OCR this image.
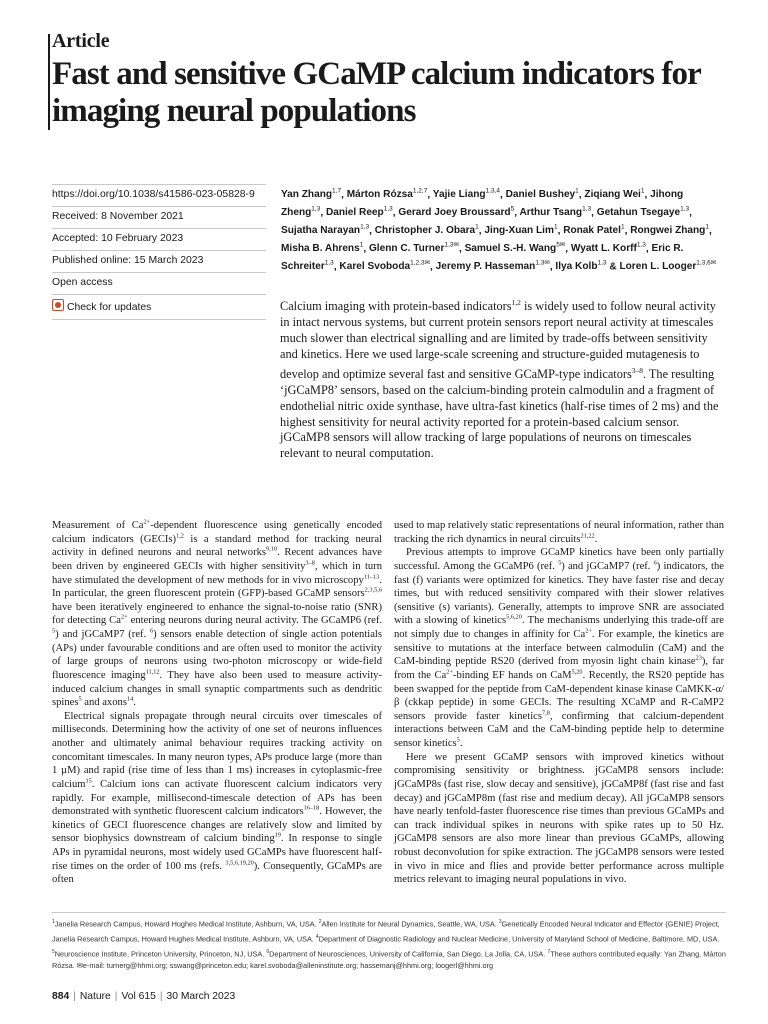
Article
Fast and sensitive GCaMP calcium indicators for imaging neural populations
https://doi.org/10.1038/s41586-023-05828-9
Received: 8 November 2021
Accepted: 10 February 2023
Published online: 15 March 2023
Open access
Check for updates
Yan Zhang$^{1,7}$, Márton Rózsa$^{1,2,7}$, Yajie Liang$^{1,3,4}$, Daniel Bushey$^1$, Ziqiang Wei$^1$, Jihong Zheng$^{1,3}$, Daniel Reep$^{1,3}$, Gerard Joey Broussard$^5$, Arthur Tsang$^{1,3}$, Getahun Tsegaye$^{1,3}$, Sujatha Narayan$^{1,3}$, Christopher J. Obara$^1$, Jing-Xuan Lim$^1$, Ronak Patel$^1$, Rongwei Zhang$^1$, Misha B. Ahrens$^1$, Glenn C. Turner$^{1,3✉}$, Samuel S.-H. Wang$^{5✉}$, Wyatt L. Korff$^{1,3}$, Eric R. Schreiter$^{1,3}$, Karel Svoboda$^{1,2,3✉}$, Jeremy P. Hasseman$^{1,3✉}$, Ilya Kolb$^{1,3}$ & Loren L. Looger$^{1,3,6✉}$
Calcium imaging with protein-based indicators$^{1,2}$ is widely used to follow neural activity in intact nervous systems, but current protein sensors report neural activity at timescales much slower than electrical signalling and are limited by trade-offs between sensitivity and kinetics. Here we used large-scale screening and structure-guided mutagenesis to develop and optimize several fast and sensitive GCaMP-type indicators$^{3-8}$. The resulting ‘jGCaMP8’ sensors, based on the calcium-binding protein calmodulin and a fragment of endothelial nitric oxide synthase, have ultra-fast kinetics (half-rise times of 2 ms) and the highest sensitivity for neural activity reported for a protein-based calcium sensor. jGCaMP8 sensors will allow tracking of large populations of neurons on timescales relevant to neural computation.

Measurement of $Ca^{2+}$-dependent fluorescence using genetically encoded calcium indicators (GECIs)$^{1,2}$ is a standard method for tracking neural activity in defined neurons and neural networks$^{9,10}$. Recent advances have been driven by engineered GECIs with higher sensitivity$^{3-8}$, which in turn have stimulated the development of new methods for in vivo microscopy$^{11-13}$. In particular, the green fluorescent protein (GFP)-based GCaMP sensors$^{2,3,5,6}$ have been iteratively engineered to enhance the signal-to-noise ratio (SNR) for detecting $Ca^{2+}$ entering neurons during neural activity. The GCaMP6 (ref. $^5$) and jGCaMP7 (ref. $^6$) sensors enable detection of single action potentials (APs) under favourable conditions and are often used to monitor the activity of large groups of neurons using two-photon microscopy or wide-field fluorescence imaging$^{11,12}$. They have also been used to measure activity-induced calcium changes in small synaptic compartments such as dendritic spines$^5$ and axons$^{14}$.

Electrical signals propagate through neural circuits over timescales of milliseconds. Determining how the activity of one set of neurons influences another and ultimately animal behaviour requires tracking activity on concomitant timescales. In many neuron types, APs produce large (more than 1 µM) and rapid (rise time of less than 1 ms) increases in cytoplasmic-free calcium$^{15}$. Calcium ions can activate fluorescent calcium indicators very rapidly. For example, millisecond-timescale detection of APs has been demonstrated with synthetic fluorescent calcium indicators$^{16-18}$. However, the kinetics of GECI fluorescence changes are relatively slow and limited by sensor biophysics downstream of calcium binding$^{19}$. In response to single APs in pyramidal neurons, most widely used GCaMPs have fluorescent half-rise times on the order of 100 ms (refs. $^{3,5,6,19,20}$). Consequently, GCaMPs are often

used to map relatively static representations of neural information, rather than tracking the rich dynamics in neural circuits$^{21,22}$.

Previous attempts to improve GCaMP kinetics have been only partially successful. Among the GCaMP6 (ref. $^5$) and jGCaMP7 (ref. $^6$) indicators, the fast (f) variants were optimized for kinetics. They have faster rise and decay times, but with reduced sensitivity compared with their slower relatives (sensitive (s) variants). Generally, attempts to improve SNR are associated with a slowing of kinetics$^{5,6,20}$. The mechanisms underlying this trade-off are not simply due to changes in affinity for $Ca^{2+}$. For example, the kinetics are sensitive to mutations at the interface between calmodulin (CaM) and the CaM-binding peptide RS20 (derived from myosin light chain kinase$^{23}$), far from the $Ca^{2+}$-binding EF hands on CaM$^{5,20}$. Recently, the RS20 peptide has been swapped for the peptide from CaM-dependent kinase kinase CaMKK-α/β (ckkap peptide) in some GECIs. The resulting XCaMP and R-CaMP2 sensors provide faster kinetics$^{7,8}$, confirming that calcium-dependent interactions between CaM and the CaM-binding peptide help to determine sensor kinetics$^5$.

Here we present GCaMP sensors with improved kinetics without compromising sensitivity or brightness. jGCaMP8 sensors include: jGCaMP8s (fast rise, slow decay and sensitive), jGCaMP8f (fast rise and fast decay) and jGCaMP8m (fast rise and medium decay). All jGCaMP8 sensors have nearly tenfold-faster fluorescence rise times than previous GCaMPs and can track individual spikes in neurons with spike rates up to 50 Hz. jGCaMP8 sensors are also more linear than previous GCaMPs, allowing robust deconvolution for spike extraction. The jGCaMP8 sensors were tested in vivo in mice and flies and provide better performance across multiple metrics relevant to imaging neural populations in vivo.

$^1$Janelia Research Campus, Howard Hughes Medical Institute, Ashburn, VA, USA. $^2$Allen Institute for Neural Dynamics, Seattle, WA, USA. $^3$Genetically Encoded Neural Indicator and Effector (GENIE) Project, Janelia Research Campus, Howard Hughes Medical Institute, Ashburn, VA, USA. $^4$Department of Diagnostic Radiology and Nuclear Medicine, University of Maryland School of Medicine, Baltimore, MD, USA. $^5$Neuroscience Institute, Princeton University, Princeton, NJ, USA. $^6$Department of Neurosciences, University of California, San Diego, La Jolla, CA, USA. $^7$These authors contributed equally: Yan Zhang, Márton Rózsa. ✉e-mail: turnerg@hhmi.org; sswang@princeton.edu; karel.svoboda@alleninstitute.org; hassemanj@hhmi.org; loogerl@hhmi.org
884 | Nature | Vol 615 | 30 March 2023
